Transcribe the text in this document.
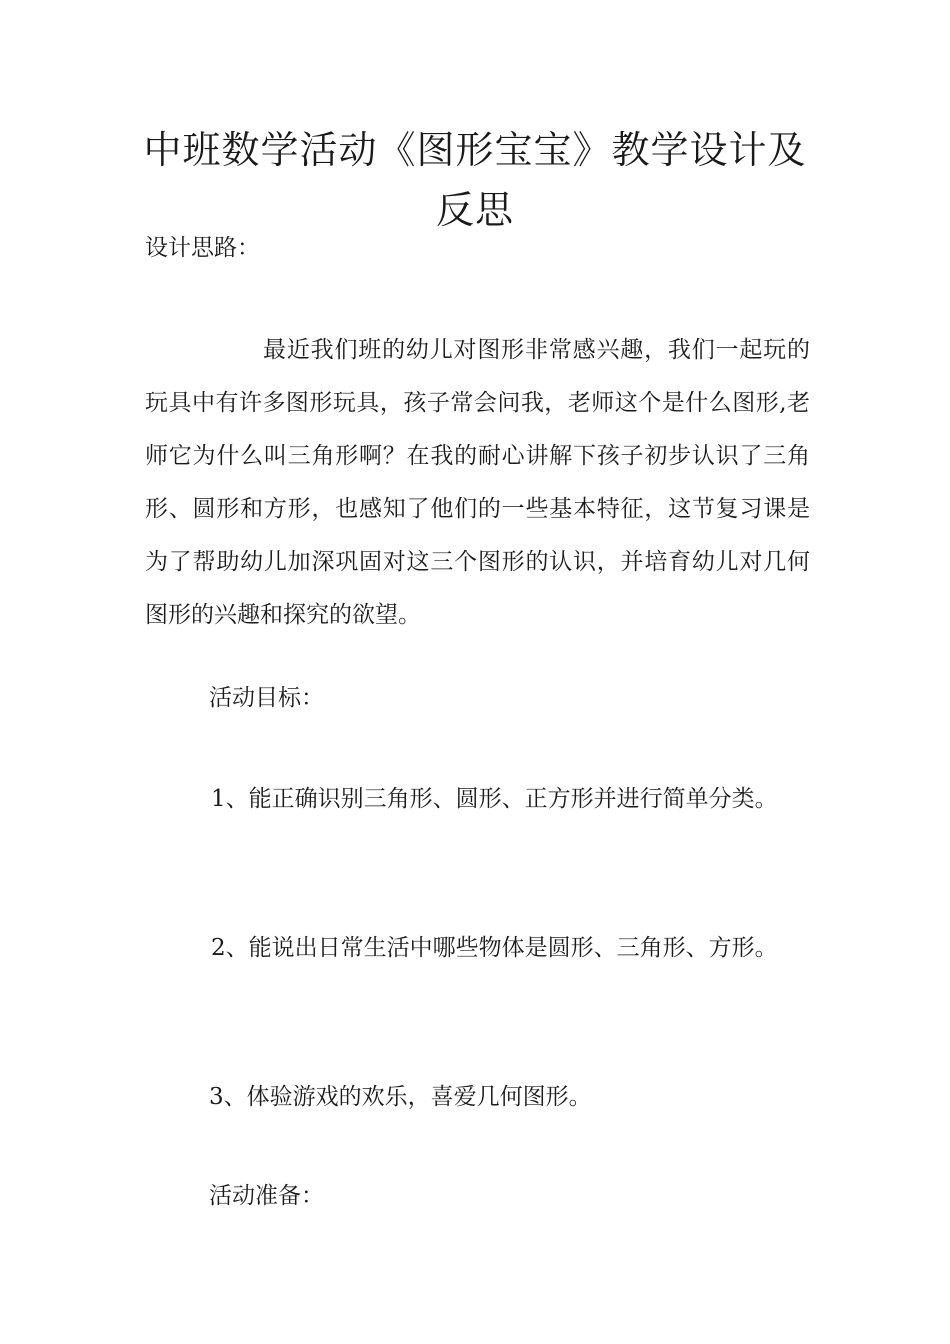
中班数学活动《图形宝宝》教学设计及反思

设计思路：

最近我们班的幼儿对图形非常感兴趣，我们一起玩的玩具中有许多图形玩具，孩子常会问我，老师这个是什么图形,老师它为什么叫三角形啊？在我的耐心讲解下孩子初步认识了三角形、圆形和方形，也感知了他们的一些基本特征，这节复习课是为了帮助幼儿加深巩固对这三个图形的认识，并培育幼儿对几何图形的兴趣和探究的欲望。

活动目标：

1、能正确识别三角形、圆形、正方形并进行简单分类。

2、能说出日常生活中哪些物体是圆形、三角形、方形。

3、体验游戏的欢乐，喜爱几何图形。

活动准备：
